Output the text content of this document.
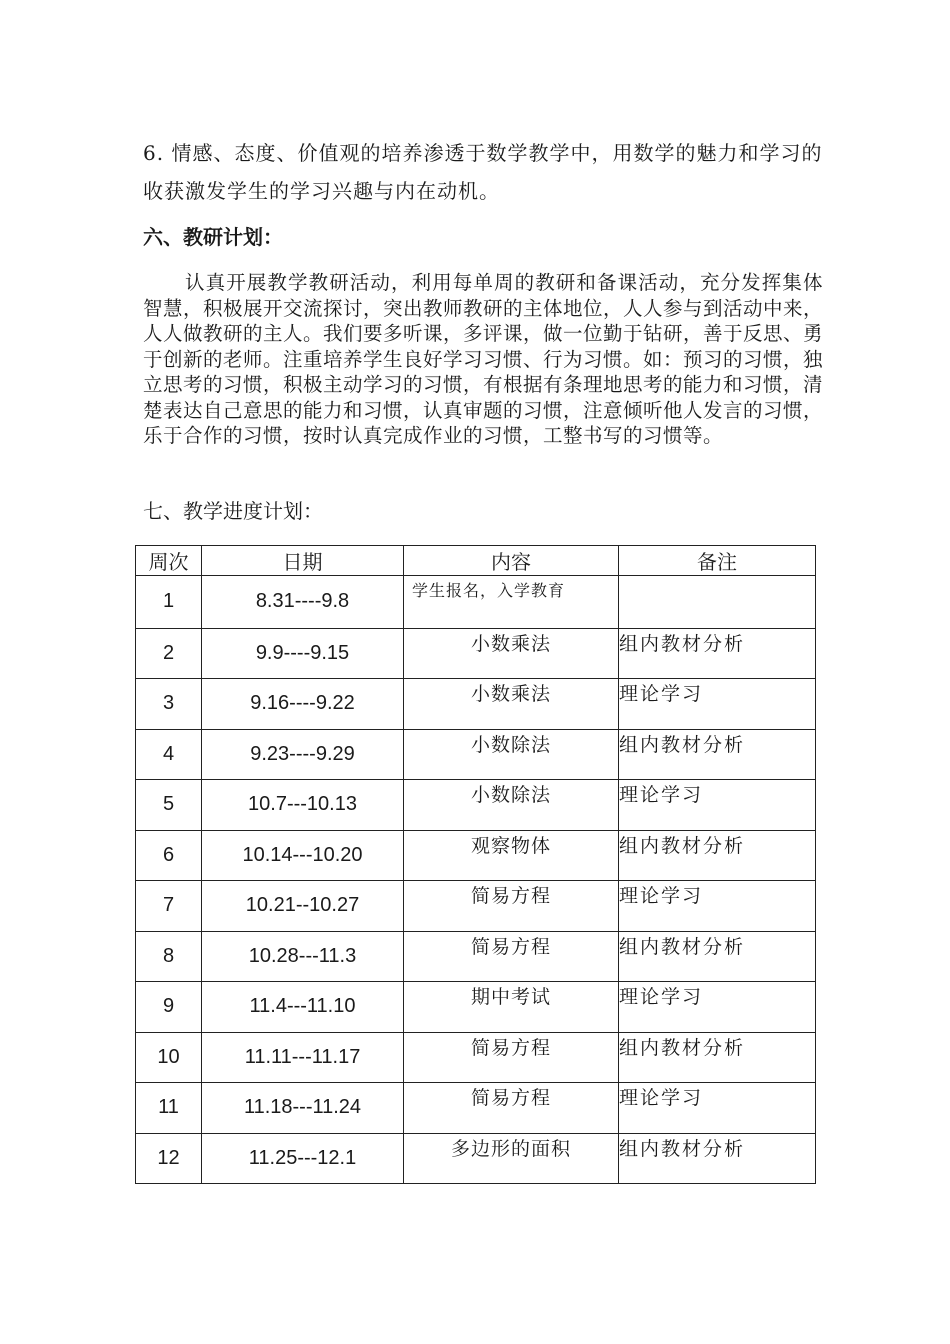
6. 情感、态度、价值观的培养渗透于数学教学中，用数学的魅力和学习的收获激发学生的学习兴趣与内在动机。

六、教研计划：

认真开展教学教研活动，利用每单周的教研和备课活动，充分发挥集体智慧，积极展开交流探讨，突出教师教研的主体地位，人人参与到活动中来，人人做教研的主人。我们要多听课，多评课，做一位勤于钻研，善于反思、勇于创新的老师。注重培养学生良好学习习惯、行为习惯。如：预习的习惯，独立思考的习惯，积极主动学习的习惯，有根据有条理地思考的能力和习惯，清楚表达自己意思的能力和习惯，认真审题的习惯，注意倾听他人发言的习惯，乐于合作的习惯，按时认真完成作业的习惯，工整书写的习惯等。

七、教学进度计划：
周次	日期	内容	备注
1	8.31----9.8	学生报名，入学教育	
2	9.9----9.15	小数乘法	组内教材分析
3	9.16----9.22	小数乘法	理论学习
4	9.23----9.29	小数除法	组内教材分析
5	10.7---10.13	小数除法	理论学习
6	10.14---10.20	观察物体	组内教材分析
7	10.21--10.27	简易方程	理论学习
8	10.28---11.3	简易方程	组内教材分析
9	11.4---11.10	期中考试	理论学习
10	11.11---11.17	简易方程	组内教材分析
11	11.18---11.24	简易方程	理论学习
12	11.25---12.1	多边形的面积	组内教材分析
